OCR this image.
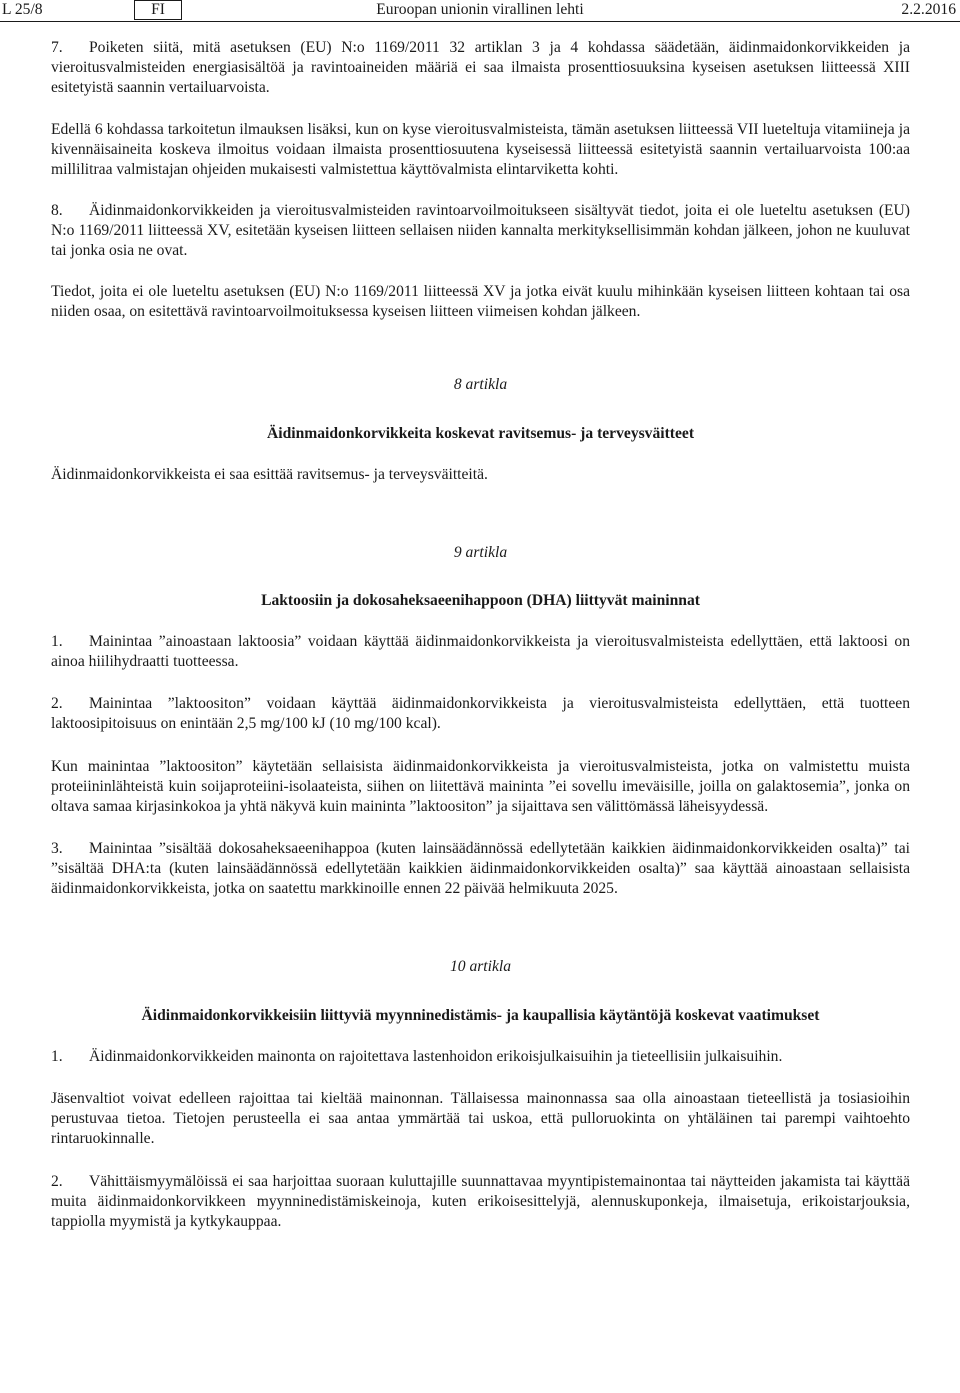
L 25/8	FI	Euroopan unionin virallinen lehti	2.2.2016

7. Poiketen siitä, mitä asetuksen (EU) N:o 1169/2011 32 artiklan 3 ja 4 kohdassa säädetään, äidinmaidonkorvikkeiden ja vieroitusvalmisteiden energiasisältöä ja ravintoaineiden määriä ei saa ilmaista prosenttiosuuksina kyseisen asetuksen liitteessä XIII esitetyistä saannin vertailuarvoista.

Edellä 6 kohdassa tarkoitetun ilmauksen lisäksi, kun on kyse vieroitusvalmisteista, tämän asetuksen liitteessä VII lueteltuja vitamiineja ja kivennäisaineita koskeva ilmoitus voidaan ilmaista prosenttiosuutena kyseisessä liitteessä esitetyistä saannin vertailuarvoista 100:aa millilitraa valmistajan ohjeiden mukaisesti valmistettua käyttövalmista elintarviketta kohti.

8. Äidinmaidonkorvikkeiden ja vieroitusvalmisteiden ravintoarvoilmoitukseen sisältyvät tiedot, joita ei ole lueteltu asetuksen (EU) N:o 1169/2011 liitteessä XV, esitetään kyseisen liitteen sellaisen niiden kannalta merkityksellisimmän kohdan jälkeen, johon ne kuuluvat tai jonka osia ne ovat.

Tiedot, joita ei ole lueteltu asetuksen (EU) N:o 1169/2011 liitteessä XV ja jotka eivät kuulu mihinkään kyseisen liitteen kohtaan tai osa niiden osaa, on esitettävä ravintoarvoilmoituksessa kyseisen liitteen viimeisen kohdan jälkeen.

8 artikla
Äidinmaidonkorvikkeita koskevat ravitsemus- ja terveysväitteet

Äidinmaidonkorvikkeista ei saa esittää ravitsemus- ja terveysväitteitä.

9 artikla
Laktoosiin ja dokosaheksaeenihappoon (DHA) liittyvät maininnat

1. Mainintaa ”ainoastaan laktoosia” voidaan käyttää äidinmaidonkorvikkeista ja vieroitusvalmisteista edellyttäen, että laktoosi on ainoa hiilihydraatti tuotteessa.

2. Mainintaa ”laktoositon” voidaan käyttää äidinmaidonkorvikkeista ja vieroitusvalmisteista edellyttäen, että tuotteen laktoosipitoisuus on enintään 2,5 mg/100 kJ (10 mg/100 kcal).

Kun mainintaa ”laktoositon” käytetään sellaisista äidinmaidonkorvikkeista ja vieroitusvalmisteista, jotka on valmistettu muista proteiininlähteistä kuin soijaproteiini-isolaateista, siihen on liitettävä maininta ”ei sovellu imeväisille, joilla on galaktosemia”, jonka on oltava samaa kirjasinkokoa ja yhtä näkyvä kuin maininta ”laktoositon” ja sijaittava sen välittömässä läheisyydessä.

3. Mainintaa ”sisältää dokosaheksaeenihappoa (kuten lainsäädännössä edellytetään kaikkien äidinmaidonkorvikkeiden osalta)” tai ”sisältää DHA:ta (kuten lainsäädännössä edellytetään kaikkien äidinmaidonkorvikkeiden osalta)” saa käyttää ainoastaan sellaisista äidinmaidonkorvikkeista, jotka on saatettu markkinoille ennen 22 päivää helmikuuta 2025.

10 artikla
Äidinmaidonkorvikkeisiin liittyviä myynninedistämis- ja kaupallisia käytäntöjä koskevat vaatimukset

1. Äidinmaidonkorvikkeiden mainonta on rajoitettava lastenhoidon erikoisjulkaisuihin ja tieteellisiin julkaisuihin.

Jäsenvaltiot voivat edelleen rajoittaa tai kieltää mainonnan. Tällaisessa mainonnassa saa olla ainoastaan tieteellistä ja tosiasioihin perustuvaa tietoa. Tietojen perusteella ei saa antaa ymmärtää tai uskoa, että pulloruokinta on yhtäläinen tai parempi vaihtoehto rintaruokinnalle.

2. Vähittäismyymälöissä ei saa harjoittaa suoraan kuluttajille suunnattavaa myyntipistemainontaa tai näytteiden jakamista tai käyttää muita äidinmaidonkorvikkeen myynninedistämiskeinoja, kuten erikoisesittelyjä, alennuskuponkeja, ilmaisetuja, erikoistarjouksia, tappiolla myymistä ja kytkykauppaa.
